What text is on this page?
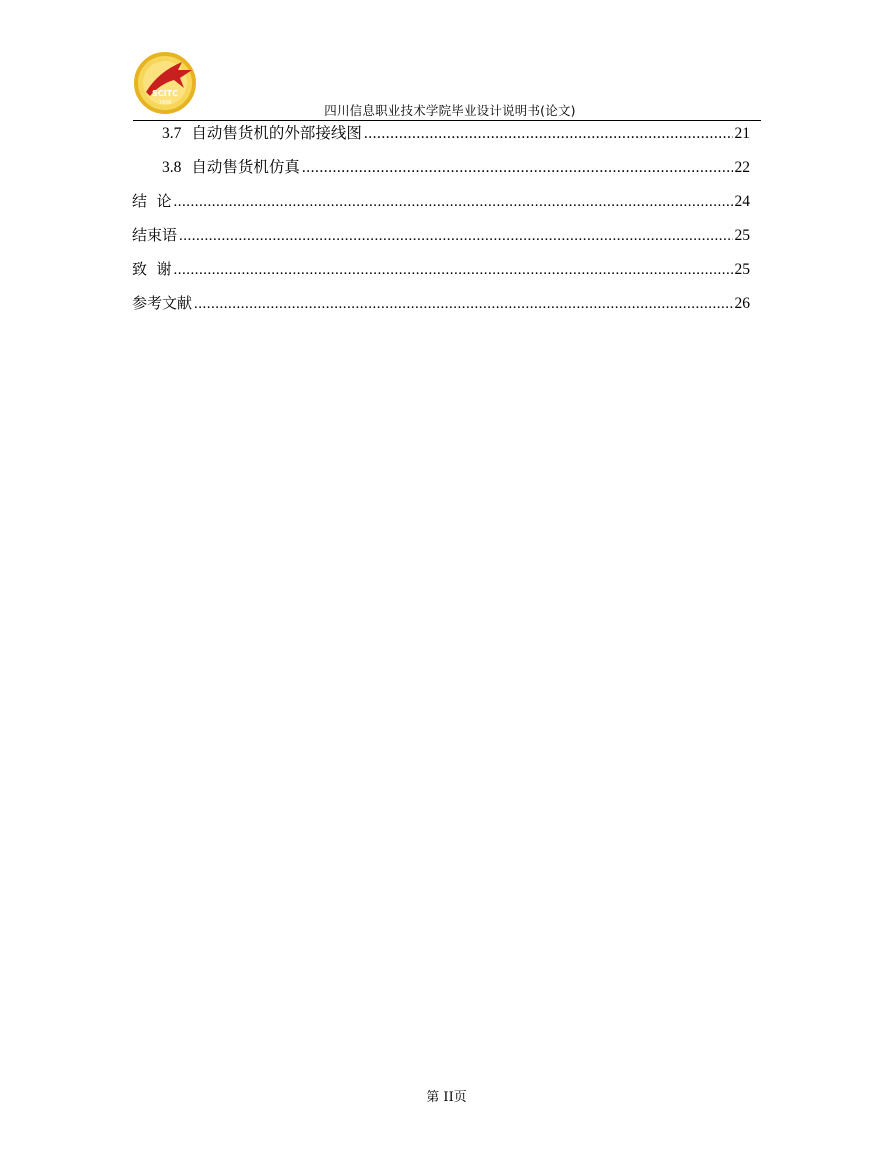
SCITC
1956	四川信息职业技术学院毕业设计说明书(论文)
3.7 自动售货机的外部接线图 .....	21
3.8 自动售货机仿真 .....	22
结  论 .....	24
结束语 .....	25
致  谢 .....	25
参考文献 .....	26
第 II页
